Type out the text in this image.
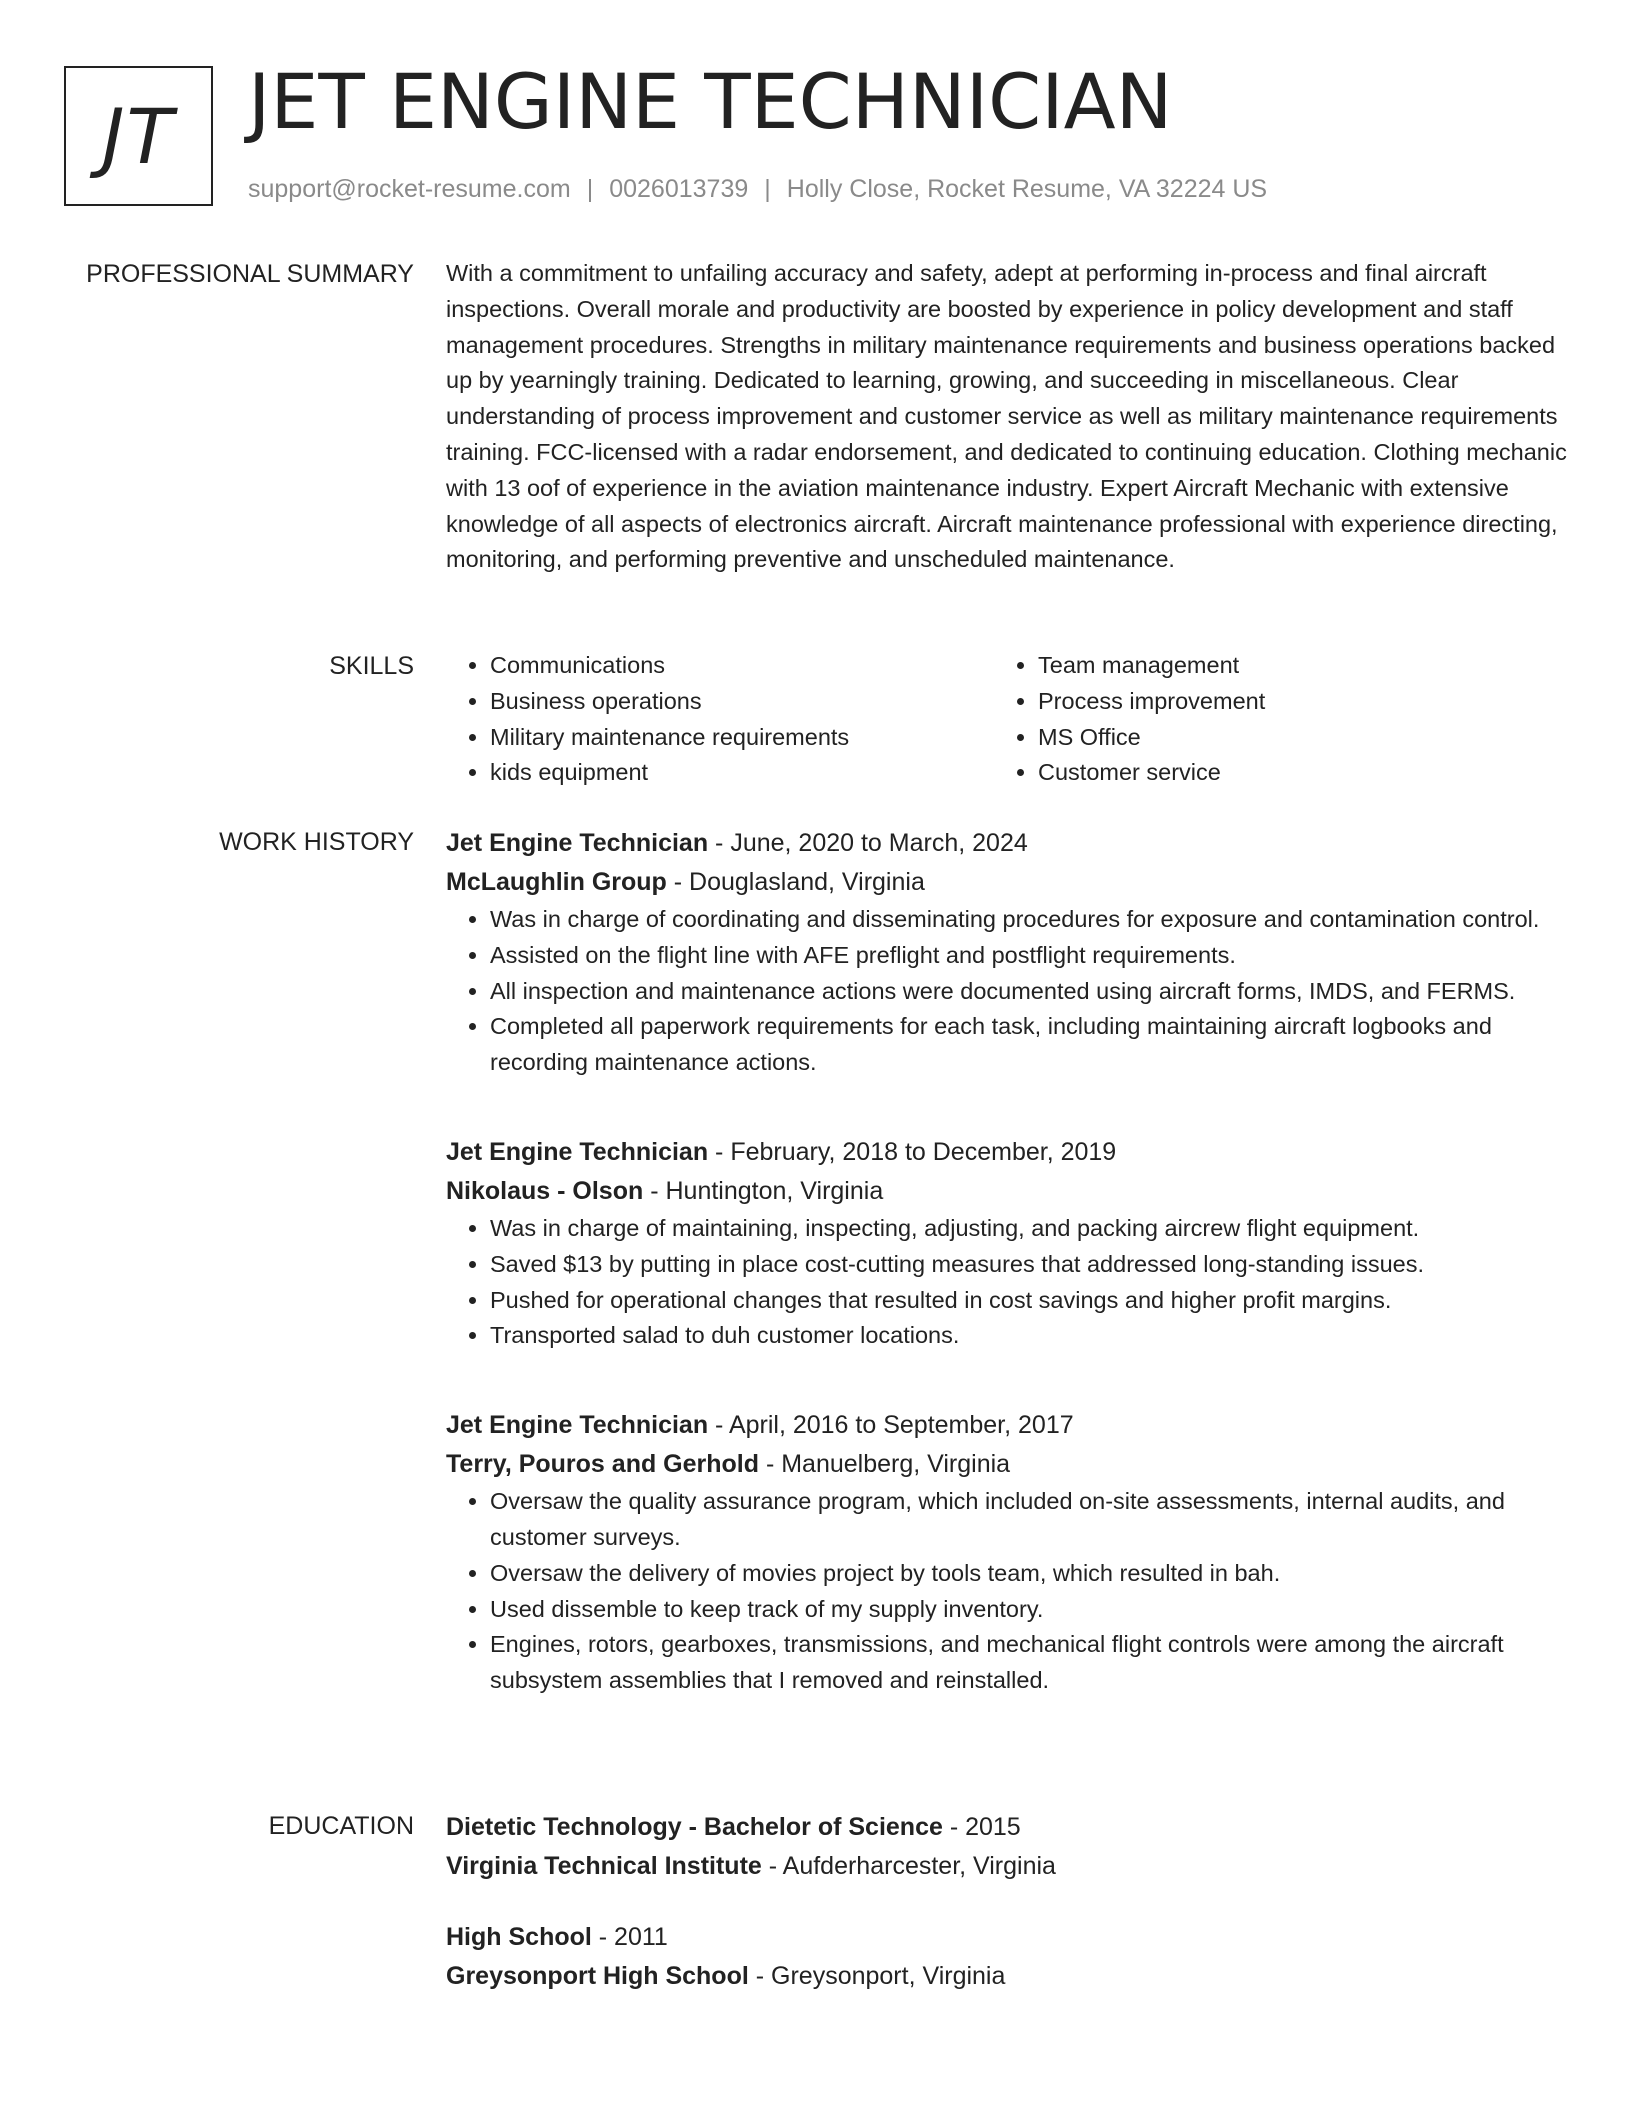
JT JET ENGINE TECHNICIAN
support@rocket-resume.com | 0026013739 | Holly Close, Rocket Resume, VA 32224 US
PROFESSIONAL SUMMARY With a commitment to unfailing accuracy and safety, adept at performing in-process and final aircraft inspections. Overall morale and productivity are boosted by experience in policy development and staff management procedures. Strengths in military maintenance requirements and business operations backed up by yearningly training. Dedicated to learning, growing, and succeeding in miscellaneous. Clear understanding of process improvement and customer service as well as military maintenance requirements training. FCC-licensed with a radar endorsement, and dedicated to continuing education. Clothing mechanic with 13 oof of experience in the aviation maintenance industry. Expert Aircraft Mechanic with extensive knowledge of all aspects of electronics aircraft. Aircraft maintenance professional with experience directing, monitoring, and performing preventive and unscheduled maintenance.

SKILLS
•	Communications
• Business operations
• Military maintenance requirements
• kids equipment
• Team management
• Process improvement
• MS Office
• Customer service
WORK HISTORY Jet Engine Technician - June, 2020 to March, 2024

McLaughlin Group - Douglasland, Virginia

• Was in charge of coordinating and disseminating procedures for exposure and contamination control.
• Assisted on the flight line with AFE preflight and postflight requirements.
• All inspection and maintenance actions were documented using aircraft forms, IMDS, and FERMS.
• Completed all paperwork requirements for each task, including maintaining aircraft logbooks and recording maintenance actions.

Jet Engine Technician - February, 2018 to December, 2019

Nikolaus - Olson - Huntington, Virginia

• Was in charge of maintaining, inspecting, adjusting, and packing aircrew flight equipment.
• Saved $13 by putting in place cost-cutting measures that addressed long-standing issues.
• Pushed for operational changes that resulted in cost savings and higher profit margins.
• Transported salad to duh customer locations.

Jet Engine Technician - April, 2016 to September, 2017

Terry, Pouros and Gerhold - Manuelberg, Virginia

• Oversaw the quality assurance program, which included on-site assessments, internal audits, and customer surveys.
• Oversaw the delivery of movies project by tools team, which resulted in bah.
• Used dissemble to keep track of my supply inventory.
• Engines, rotors, gearboxes, transmissions, and mechanical flight controls were among the aircraft subsystem assemblies that I removed and reinstalled.
EDUCATION Dietetic Technology - Bachelor of Science - 2015

Virginia Technical Institute - Aufderharcester, Virginia

High School - 2011

Greysonport High School - Greysonport, Virginia
